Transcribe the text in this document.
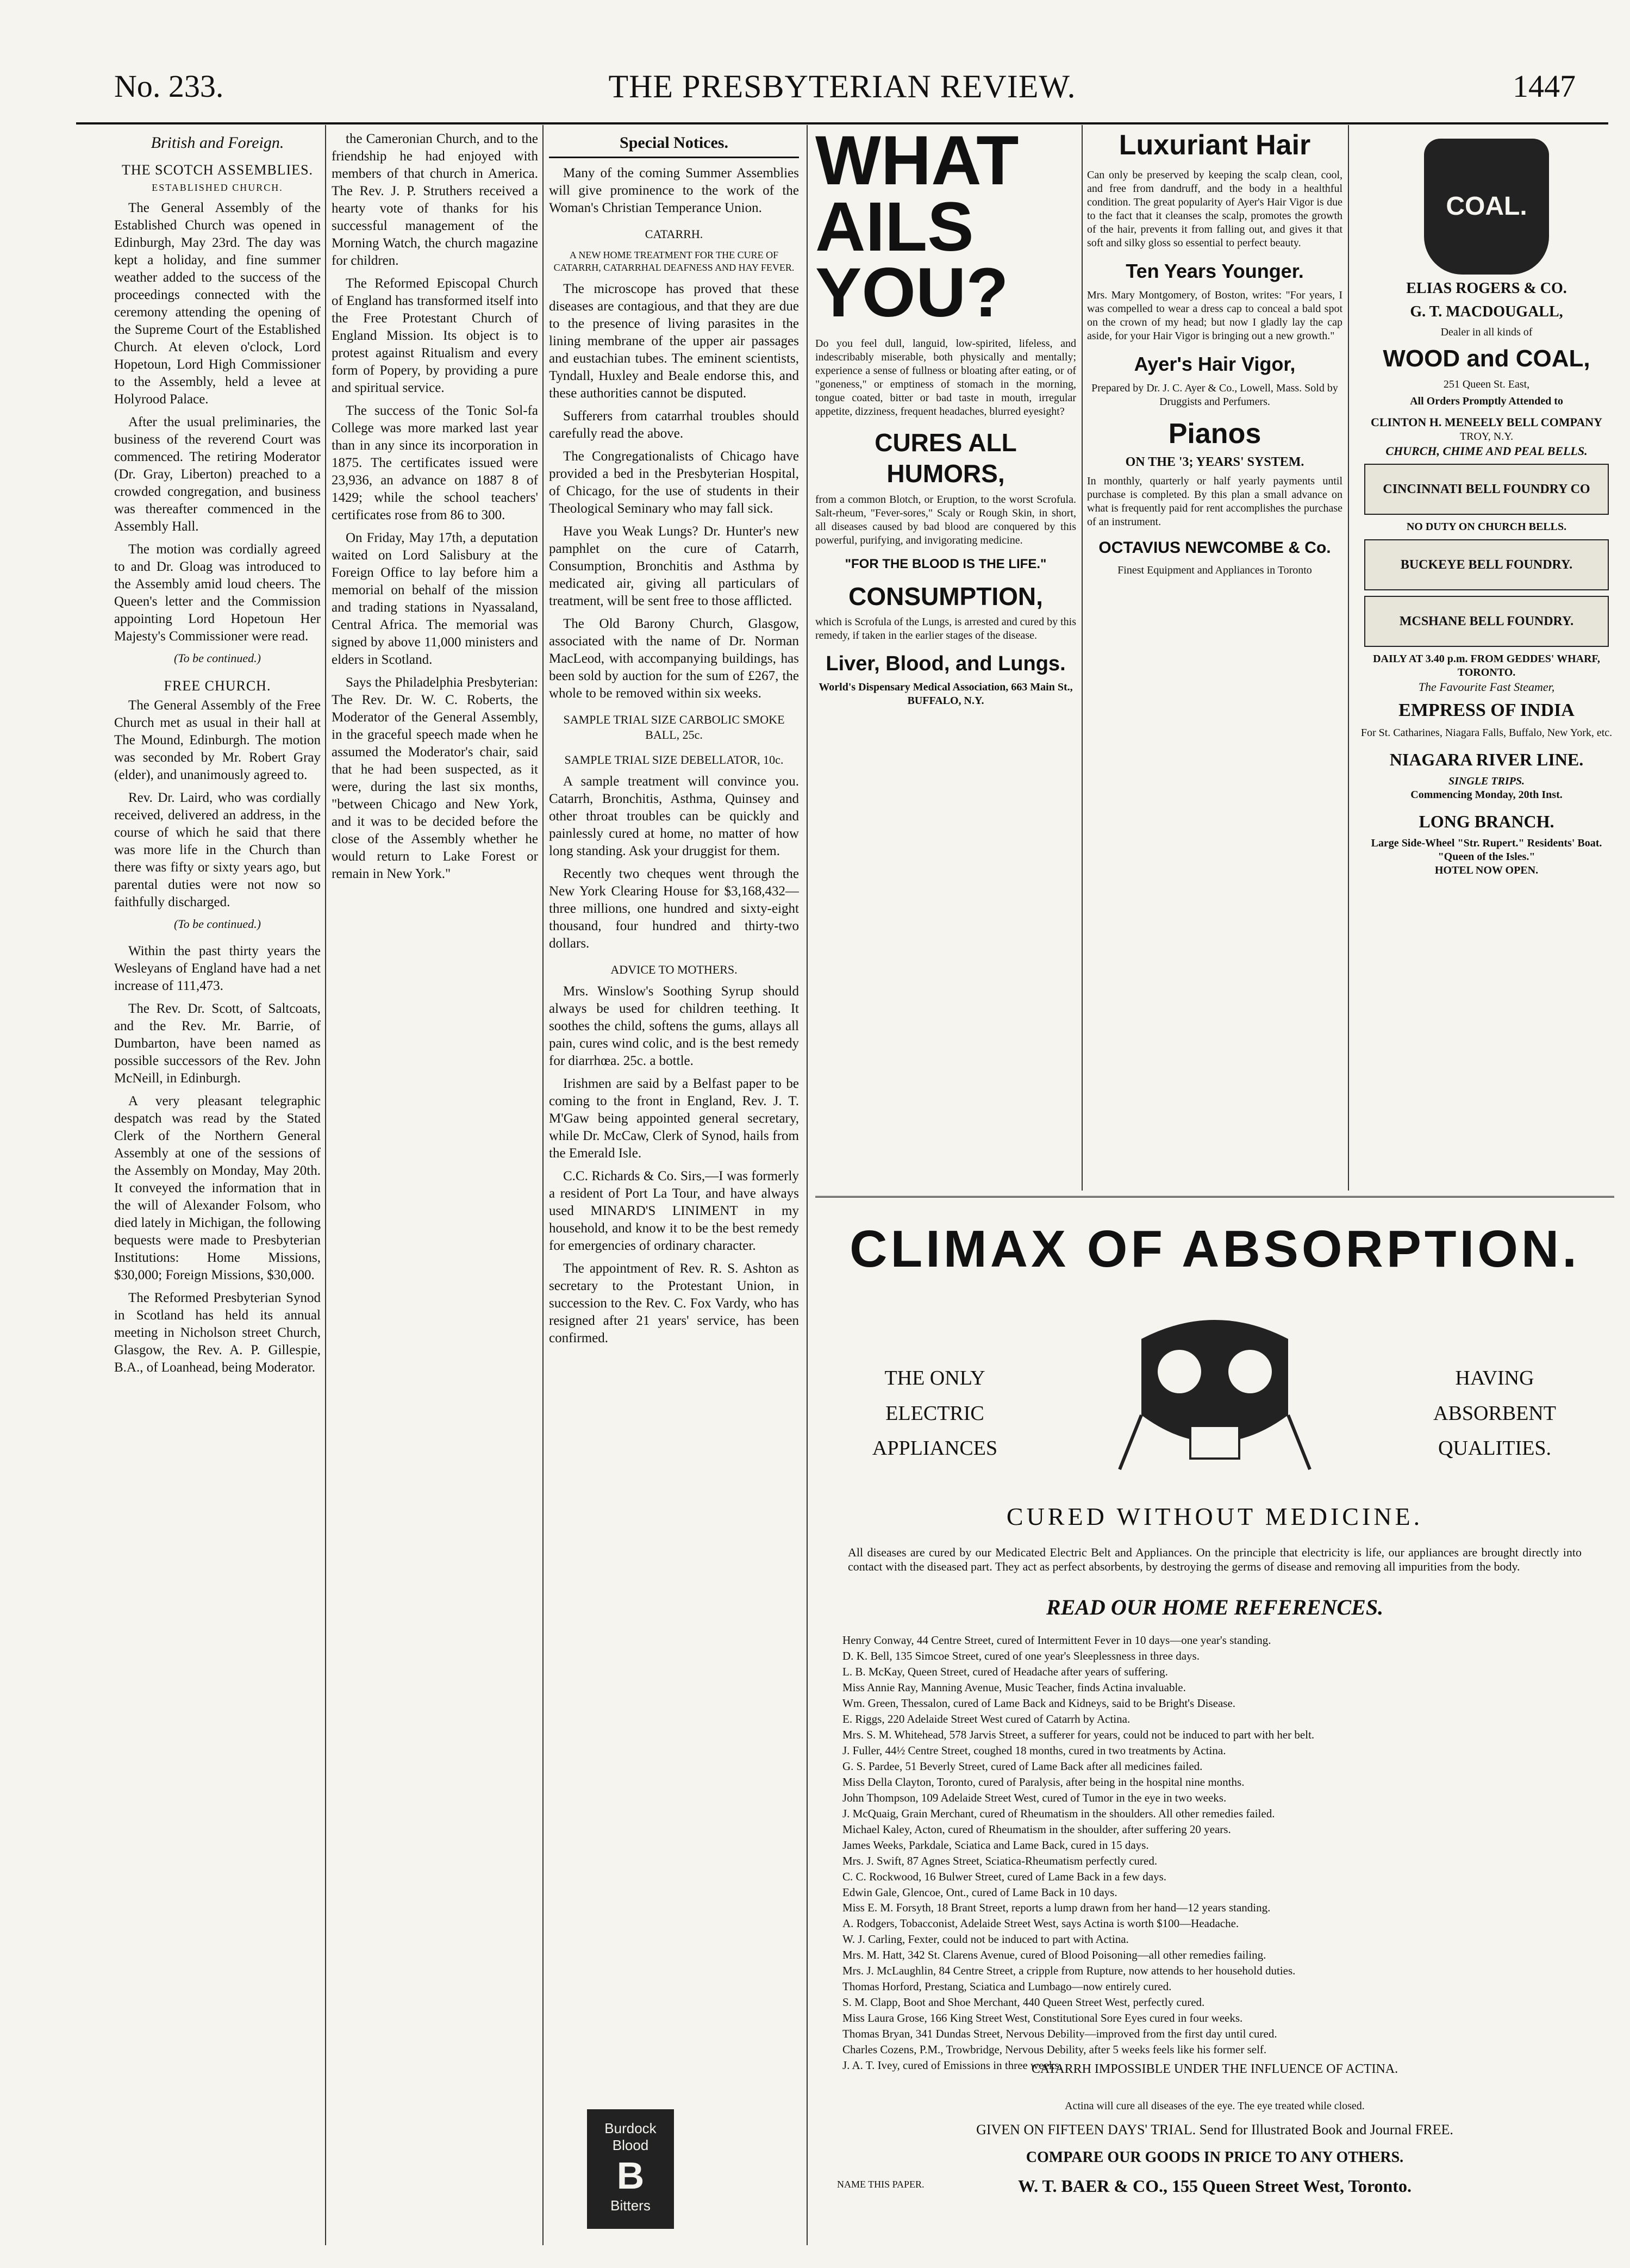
No. 233.	THE PRESBYTERIAN REVIEW.	1447
British and Foreign.
THE SCOTCH ASSEMBLIES.
ESTABLISHED CHURCH.

The General Assembly of the Established Church was opened in Edinburgh, May 23rd. The day was kept a holiday, and fine summer weather added to the success of the proceedings connected with the ceremony attending the opening of the Supreme Court of the Established Church. At eleven o'clock, Lord Hopetoun, Lord High Commissioner to the Assembly, held a levee at Holyrood Palace.

After the usual preliminaries, the business of the reverend Court was commenced. The retiring Moderator (Dr. Gray, Liberton) preached to a crowded congregation, and business was thereafter commenced in the Assembly Hall.

The motion was cordially agreed to and Dr. Gloag was introduced to the Assembly amid loud cheers. The Queen's letter and the Commission appointing Lord Hopetoun Her Majesty's Commissioner were read.

(To be continued.)
FREE CHURCH.

The General Assembly of the Free Church met as usual in their hall at The Mound, Edinburgh. The motion was seconded by Mr. Robert Gray (elder), and unanimously agreed to.

Rev. Dr. Laird, who was cordially received, delivered an address, in the course of which he said that there was more life in the Church than there was fifty or sixty years ago, but parental duties were not now so faithfully discharged.

(To be continued.)

Within the past thirty years the Wesleyans of England have had a net increase of 111,473.

The Rev. Dr. Scott, of Saltcoats, and the Rev. Mr. Barrie, of Dumbarton, have been named as possible successors of the Rev. John McNeill, in Edinburgh.

A very pleasant telegraphic despatch was read by the Stated Clerk of the Northern General Assembly at one of the sessions of the Assembly on Monday, May 20th. It conveyed the information that in the will of Alexander Folsom, who died lately in Michigan, the following bequests were made to Presbyterian Institutions: Home Missions, $30,000; Foreign Missions, $30,000.

The Reformed Presbyterian Synod in Scotland has held its annual meeting in Nicholson street Church, Glasgow, the Rev. A. P. Gillespie, B.A., of Loanhead, being Moderator.

the Cameronian Church, and to the friendship he had enjoyed with members of that church in America. The Rev. J. P. Struthers received a hearty vote of thanks for his successful management of the Morning Watch, the church magazine for children.

The Reformed Episcopal Church of England has transformed itself into the Free Protestant Church of England Mission. Its object is to protest against Ritualism and every form of Popery, by providing a pure and spiritual service.

The success of the Tonic Sol-fa College was more marked last year than in any since its incorporation in 1875. The certificates issued were 23,936, an advance on 1887 8 of 1429; while the school teachers' certificates rose from 86 to 300.

On Friday, May 17th, a deputation waited on Lord Salisbury at the Foreign Office to lay before him a memorial on behalf of the mission and trading stations in Nyassaland, Central Africa. The memorial was signed by above 11,000 ministers and elders in Scotland.

Says the Philadelphia Presbyterian: The Rev. Dr. W. C. Roberts, the Moderator of the General Assembly, in the graceful speech made when he assumed the Moderator's chair, said that he had been suspected, as it were, during the last six months, "between Chicago and New York, and it was to be decided before the close of the Assembly whether he would return to Lake Forest or remain in New York."

Special Notices.

Many of the coming Summer Assemblies will give prominence to the work of the Woman's Christian Temperance Union.

CATARRH.
A NEW HOME TREATMENT FOR THE CURE OF CATARRH, CATARRHAL DEAFNESS AND HAY FEVER.

The microscope has proved that these diseases are contagious, and that they are due to the presence of living parasites in the lining membrane of the upper air passages and eustachian tubes. The eminent scientists, Tyndall, Huxley and Beale endorse this, and these authorities cannot be disputed.

Sufferers from catarrhal troubles should carefully read the above.

The Congregationalists of Chicago have provided a bed in the Presbyterian Hospital, of Chicago, for the use of students in their Theological Seminary who may fall sick.

Have you Weak Lungs? Dr. Hunter's new pamphlet on the cure of Catarrh, Consumption, Bronchitis and Asthma by medicated air, giving all particulars of treatment, will be sent free to those afflicted.

The Old Barony Church, Glasgow, associated with the name of Dr. Norman MacLeod, with accompanying buildings, has been sold by auction for the sum of £267, the whole to be removed within six weeks.

SAMPLE TRIAL SIZE CARBOLIC SMOKE BALL, 25c.
SAMPLE TRIAL SIZE DEBELLATOR, 10c.

A sample treatment will convince you. Catarrh, Bronchitis, Asthma, Quinsey and other throat troubles can be quickly and painlessly cured at home, no matter of how long standing. Ask your druggist for them.

Recently two cheques went through the New York Clearing House for $3,168,432—three millions, one hundred and sixty-eight thousand, four hundred and thirty-two dollars.

ADVICE TO MOTHERS.

Mrs. Winslow's Soothing Syrup should always be used for children teething. It soothes the child, softens the gums, allays all pain, cures wind colic, and is the best remedy for diarrhœa. 25c. a bottle.

Irishmen are said by a Belfast paper to be coming to the front in England, Rev. J. T. M'Gaw being appointed general secretary, while Dr. McCaw, Clerk of Synod, hails from the Emerald Isle.

C.C. Richards & Co. Sirs,—I was formerly a resident of Port La Tour, and have always used MINARD'S LINIMENT in my household, and know it to be the best remedy for emergencies of ordinary character.

The appointment of Rev. R. S. Ashton as secretary to the Protestant Union, in succession to the Rev. C. Fox Vardy, who has resigned after 21 years' service, has been confirmed.

Burdock
Blood
B
Bitters
WHAT AILS YOU?

Do you feel dull, languid, low-spirited, lifeless, and indescribably miserable, both physically and mentally; experience a sense of fullness or bloating after eating, or of "goneness," or emptiness of stomach in the morning, tongue coated, bitter or bad taste in mouth, irregular appetite, dizziness, frequent headaches, blurred eyesight?

CURES ALL HUMORS,

from a common Blotch, or Eruption, to the worst Scrofula. Salt-rheum, "Fever-sores," Scaly or Rough Skin, in short, all diseases caused by bad blood are conquered by this powerful, purifying, and invigorating medicine.

"FOR THE BLOOD IS THE LIFE."
CONSUMPTION,

which is Scrofula of the Lungs, is arrested and cured by this remedy, if taken in the earlier stages of the disease.

Liver, Blood, and Lungs.

World's Dispensary Medical Association, 663 Main St., BUFFALO, N.Y.

Luxuriant Hair

Can only be preserved by keeping the scalp clean, cool, and free from dandruff, and the body in a healthful condition. The great popularity of Ayer's Hair Vigor is due to the fact that it cleanses the scalp, promotes the growth of the hair, prevents it from falling out, and gives it that soft and silky gloss so essential to perfect beauty.

Ten Years Younger.

Mrs. Mary Montgomery, of Boston, writes: "For years, I was compelled to wear a dress cap to conceal a bald spot on the crown of my head; but now I gladly lay the cap aside, for your Hair Vigor is bringing out a new growth."

Ayer's Hair Vigor,

Prepared by Dr. J. C. Ayer & Co., Lowell, Mass. Sold by Druggists and Perfumers.

Pianos
ON THE '3; YEARS' SYSTEM.

In monthly, quarterly or half yearly payments until purchase is completed. By this plan a small advance on what is frequently paid for rent accomplishes the purchase of an instrument.

OCTAVIUS NEWCOMBE & Co.

Finest Equipment and Appliances in Toronto

COAL.
ELIAS ROGERS & CO.
G. T. MACDOUGALL,
Dealer in all kinds of
WOOD and COAL,
251 Queen St. East,
All Orders Promptly Attended to
CLINTON H. MENEELY BELL COMPANY
TROY, N.Y.
CHURCH, CHIME AND PEAL BELLS.
CINCINNATI BELL FOUNDRY CO
NO DUTY ON CHURCH BELLS.
BUCKEYE BELL FOUNDRY.
MCSHANE BELL FOUNDRY.
DAILY AT 3.40 p.m. FROM GEDDES' WHARF, TORONTO.
The Favourite Fast Steamer,
EMPRESS OF INDIA
For St. Catharines, Niagara Falls, Buffalo, New York, etc.
NIAGARA RIVER LINE.
SINGLE TRIPS.
Commencing Monday, 20th Inst.
LONG BRANCH.
Large Side-Wheel "Str. Rupert." Residents' Boat. "Queen of the Isles."
HOTEL NOW OPEN.
CLIMAX OF ABSORPTION.
THE ONLY
ELECTRIC
APPLIANCES
HAVING
ABSORBENT
QUALITIES.
CURED WITHOUT MEDICINE.
All diseases are cured by our Medicated Electric Belt and Appliances. On the principle that electricity is life, our appliances are brought directly into contact with the diseased part. They act as perfect absorbents, by destroying the germs of disease and removing all impurities from the body.
READ OUR HOME REFERENCES.
Henry Conway, 44 Centre Street, cured of Intermittent Fever in 10 days—one year's standing.
D. K. Bell, 135 Simcoe Street, cured of one year's Sleeplessness in three days.
L. B. McKay, Queen Street, cured of Headache after years of suffering.
Miss Annie Ray, Manning Avenue, Music Teacher, finds Actina invaluable.
Wm. Green, Thessalon, cured of Lame Back and Kidneys, said to be Bright's Disease.
E. Riggs, 220 Adelaide Street West cured of Catarrh by Actina.
Mrs. S. M. Whitehead, 578 Jarvis Street, a sufferer for years, could not be induced to part with her belt.
J. Fuller, 44½ Centre Street, coughed 18 months, cured in two treatments by Actina.
G. S. Pardee, 51 Beverly Street, cured of Lame Back after all medicines failed.
Miss Della Clayton, Toronto, cured of Paralysis, after being in the hospital nine months.
John Thompson, 109 Adelaide Street West, cured of Tumor in the eye in two weeks.
J. McQuaig, Grain Merchant, cured of Rheumatism in the shoulders. All other remedies failed.
Michael Kaley, Acton, cured of Rheumatism in the shoulder, after suffering 20 years.
James Weeks, Parkdale, Sciatica and Lame Back, cured in 15 days.
Mrs. J. Swift, 87 Agnes Street, Sciatica-Rheumatism perfectly cured.
C. C. Rockwood, 16 Bulwer Street, cured of Lame Back in a few days.
Edwin Gale, Glencoe, Ont., cured of Lame Back in 10 days.
Miss E. M. Forsyth, 18 Brant Street, reports a lump drawn from her hand—12 years standing.
A. Rodgers, Tobacconist, Adelaide Street West, says Actina is worth $100—Headache.
W. J. Carling, Fexter, could not be induced to part with Actina.
Mrs. M. Hatt, 342 St. Clarens Avenue, cured of Blood Poisoning—all other remedies failing.
Mrs. J. McLaughlin, 84 Centre Street, a cripple from Rupture, now attends to her household duties.
Thomas Horford, Prestang, Sciatica and Lumbago—now entirely cured.
S. M. Clapp, Boot and Shoe Merchant, 440 Queen Street West, perfectly cured.
Miss Laura Grose, 166 King Street West, Constitutional Sore Eyes cured in four weeks.
Thomas Bryan, 341 Dundas Street, Nervous Debility—improved from the first day until cured.
Charles Cozens, P.M., Trowbridge, Nervous Debility, after 5 weeks feels like his former self.
J. A. T. Ivey, cured of Emissions in three weeks.
CATARRH IMPOSSIBLE UNDER THE INFLUENCE OF ACTINA.
Actina will cure all diseases of the eye. The eye treated while closed.
GIVEN ON FIFTEEN DAYS' TRIAL. Send for Illustrated Book and Journal FREE.
COMPARE OUR GOODS IN PRICE TO ANY OTHERS.
NAME THIS PAPER.	W. T. BAER & CO., 155 Queen Street West, Toronto.
